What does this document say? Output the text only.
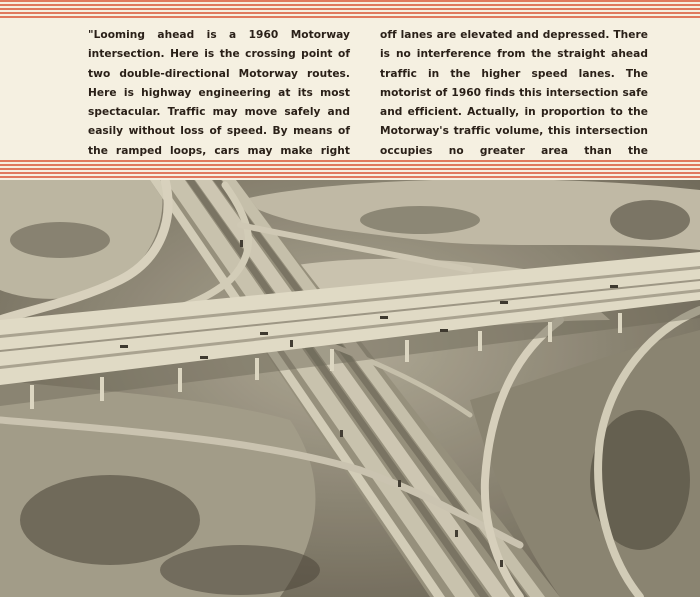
"Looming ahead is a 1960 Motorway intersection. Here is the crossing point of two double-directional Motorway routes. Here is highway engineering at its most spectacular. Traffic may move safely and easily without loss of speed. By means of the ramped loops, cars may make right
off lanes are elevated and depressed. There is no interference from the straight ahead traffic in the higher speed lanes. The motorist of 1960 finds this intersection safe and efficient. Actually, in proportion to the Motorway's traffic volume, this intersection occupies no greater area than the
